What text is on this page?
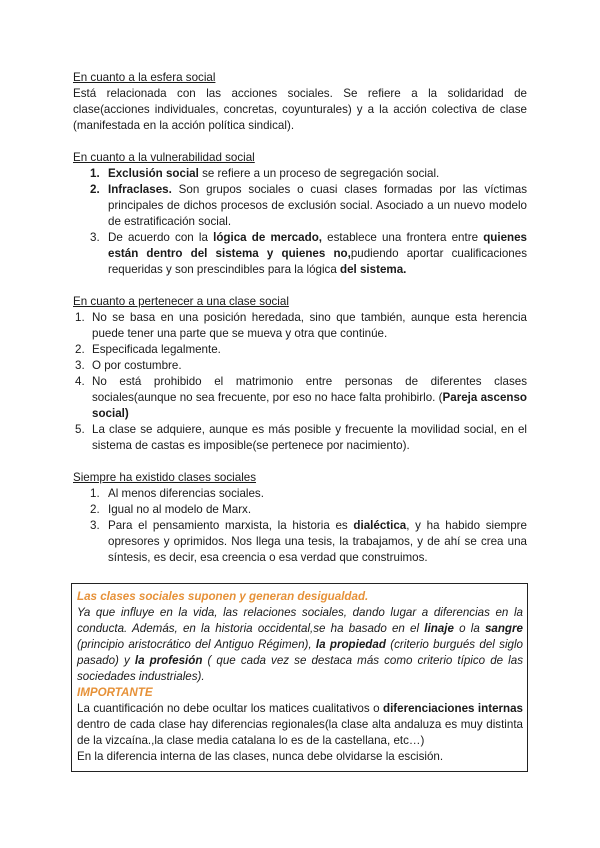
En cuanto a la esfera social
Está relacionada con las acciones sociales. Se refiere a la solidaridad de clase(acciones individuales, concretas, coyunturales) y a la acción colectiva de clase (manifestada en la acción política sindical).
En cuanto a la vulnerabilidad social
1. Exclusión social se refiere a un proceso de segregación social.
2. Infraclases. Son grupos sociales o cuasi clases formadas por las víctimas principales de dichos procesos de exclusión social. Asociado a un nuevo modelo de estratificación social.
3. De acuerdo con la lógica de mercado, establece una frontera entre quienes están dentro del sistema y quienes no,pudiendo aportar cualificaciones requeridas y son prescindibles para la lógica del sistema.
En cuanto a pertenecer a una clase social
1. No se basa en una posición heredada, sino que también, aunque esta herencia puede tener una parte que se mueva y otra que continúe.
2. Especificada legalmente.
3. O por costumbre.
4. No está prohibido el matrimonio entre personas de diferentes clases sociales(aunque no sea frecuente, por eso no hace falta prohibirlo. (Pareja ascenso social)
5. La clase se adquiere, aunque es más posible y frecuente la movilidad social, en el sistema de castas es imposible(se pertenece por nacimiento).
Siempre ha existido clases sociales
1. Al menos diferencias sociales.
2. Igual no al modelo de Marx.
3. Para el pensamiento marxista, la historia es dialéctica, y ha habido siempre opresores y oprimidos. Nos llega una tesis, la trabajamos, y de ahí se crea una síntesis, es decir, esa creencia o esa verdad que construimos.
Las clases sociales suponen y generan desigualdad.
Ya que influye en la vida, las relaciones sociales, dando lugar a diferencias en la conducta. Además, en la historia occidental,se ha basado en el linaje o la sangre (principio aristocrático del Antiguo Régimen), la propiedad (criterio burgués del siglo pasado) y la profesión ( que cada vez se destaca más como criterio típico de las sociedades industriales).
IMPORTANTE
La cuantificación no debe ocultar los matices cualitativos o diferenciaciones internas dentro de cada clase hay diferencias regionales(la clase alta andaluza es muy distinta de la vizcaína.,la clase media catalana lo es de la castellana, etc…)
En la diferencia interna de las clases, nunca debe olvidarse la escisión.
